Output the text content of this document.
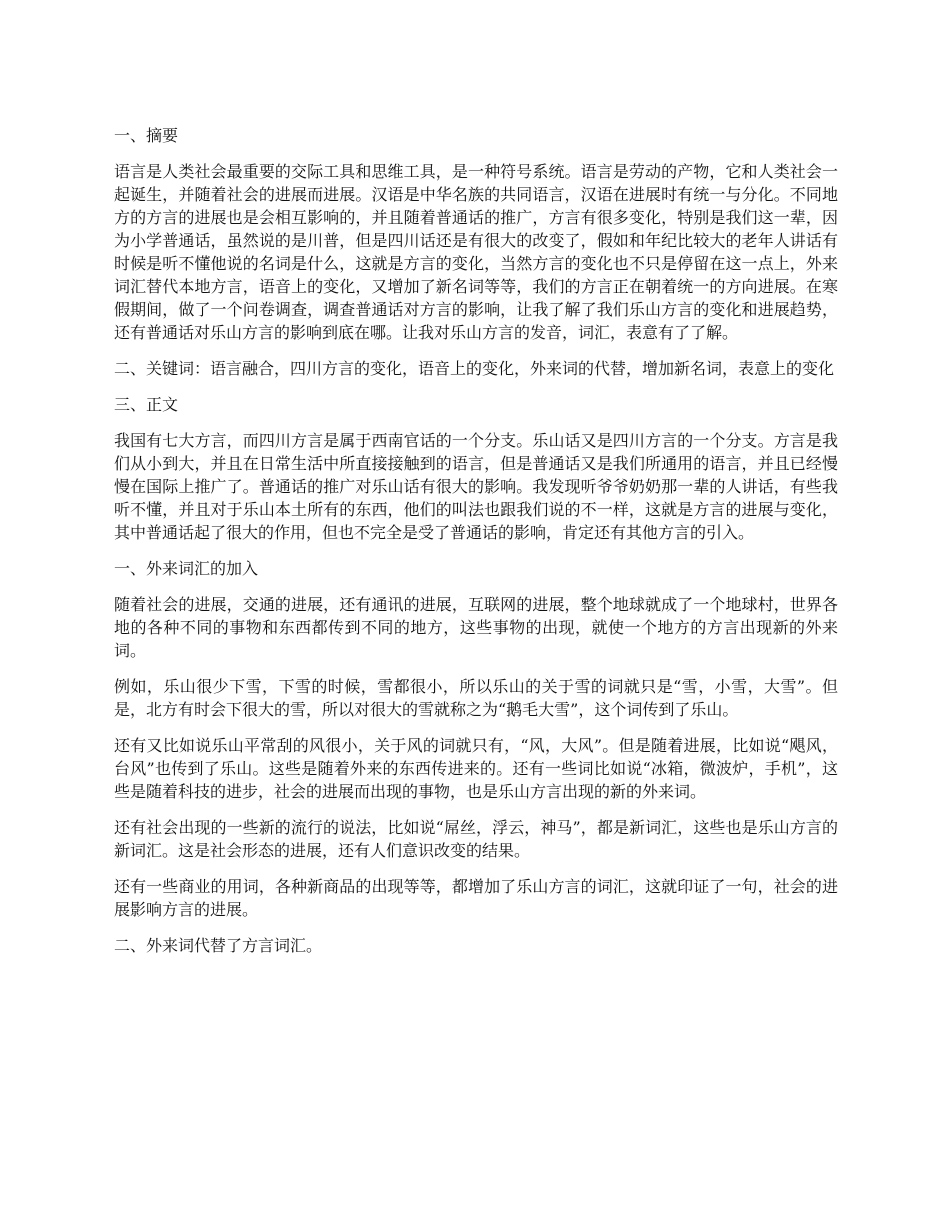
一、摘要

语言是人类社会最重要的交际工具和思维工具，是一种符号系统。语言是劳动的产物，它和人类社会一起诞生，并随着社会的进展而进展。汉语是中华名族的共同语言，汉语在进展时有统一与分化。不同地方的方言的进展也是会相互影响的，并且随着普通话的推广，方言有很多变化，特别是我们这一辈，因为小学普通话，虽然说的是川普，但是四川话还是有很大的改变了，假如和年纪比较大的老年人讲话有时候是听不懂他说的名词是什么，这就是方言的变化，当然方言的变化也不只是停留在这一点上，外来词汇替代本地方言，语音上的变化，又增加了新名词等等，我们的方言正在朝着统一的方向进展。在寒假期间，做了一个问卷调查，调查普通话对方言的影响，让我了解了我们乐山方言的变化和进展趋势，还有普通话对乐山方言的影响到底在哪。让我对乐山方言的发音，词汇，表意有了了解。

二、关键词：语言融合，四川方言的变化，语音上的变化，外来词的代替，增加新名词，表意上的变化

三、正文

我国有七大方言，而四川方言是属于西南官话的一个分支。乐山话又是四川方言的一个分支。方言是我们从小到大，并且在日常生活中所直接接触到的语言，但是普通话又是我们所通用的语言，并且已经慢慢在国际上推广了。普通话的推广对乐山话有很大的影响。我发现听爷爷奶奶那一辈的人讲话，有些我听不懂，并且对于乐山本土所有的东西，他们的叫法也跟我们说的不一样，这就是方言的进展与变化，其中普通话起了很大的作用，但也不完全是受了普通话的影响，肯定还有其他方言的引入。

一、外来词汇的加入

随着社会的进展，交通的进展，还有通讯的进展，互联网的进展，整个地球就成了一个地球村，世界各地的各种不同的事物和东西都传到不同的地方，这些事物的出现，就使一个地方的方言出现新的外来词。

例如，乐山很少下雪，下雪的时候，雪都很小，所以乐山的关于雪的词就只是“雪，小雪，大雪”。但是，北方有时会下很大的雪，所以对很大的雪就称之为“鹅毛大雪”，这个词传到了乐山。

还有又比如说乐山平常刮的风很小，关于风的词就只有，“风，大风”。但是随着进展，比如说“飓风，台风”也传到了乐山。这些是随着外来的东西传进来的。还有一些词比如说“冰箱，微波炉，手机”，这些是随着科技的进步，社会的进展而出现的事物，也是乐山方言出现的新的外来词。

还有社会出现的一些新的流行的说法，比如说“屌丝，浮云，神马”，都是新词汇，这些也是乐山方言的新词汇。这是社会形态的进展，还有人们意识改变的结果。

还有一些商业的用词，各种新商品的出现等等，都增加了乐山方言的词汇，这就印证了一句，社会的进展影响方言的进展。

二、外来词代替了方言词汇。
